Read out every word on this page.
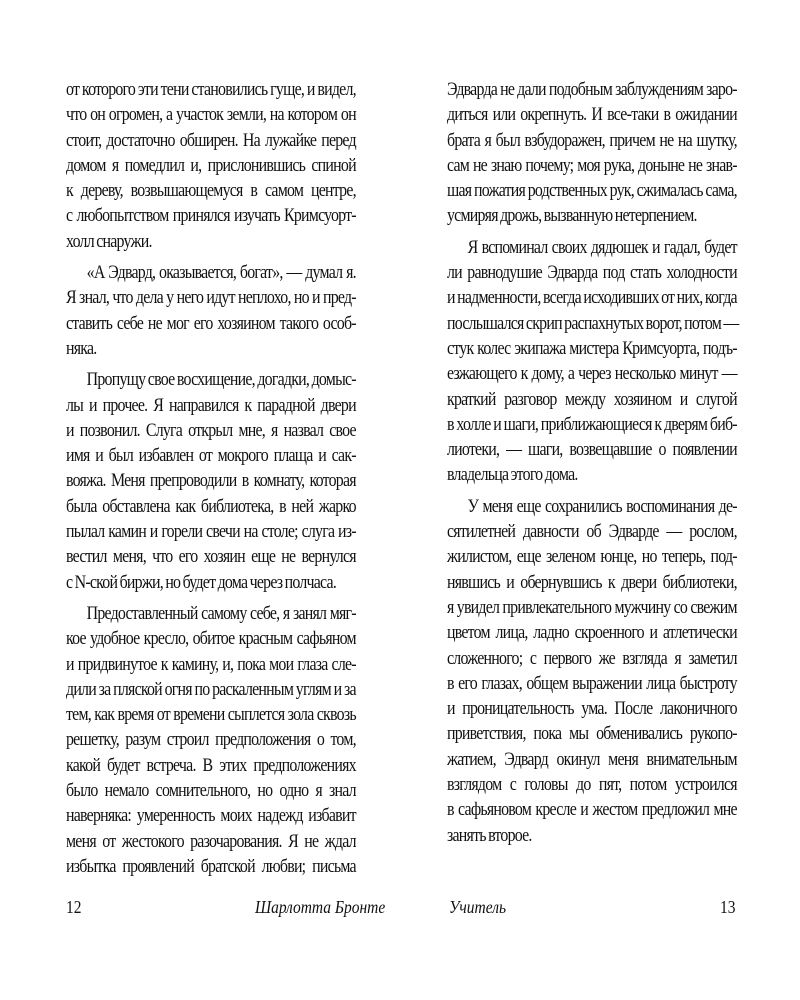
от которого эти тени становились гуще, и видел,
что он огромен, а участок земли, на котором он
стоит, достаточно обширен. На лужайке перед
домом я помедлил и, прислонившись спиной
к дереву, возвышающемуся в самом центре,
с любопытством принялся изучать Кримсуорт-
холл снаружи.
«А Эдвард, оказывается, богат», — думал я.
Я знал, что дела у него идут неплохо, но и пред-
ставить себе не мог его хозяином такого особ-
няка.
Пропущу свое восхищение, догадки, домыс-
лы и прочее. Я направился к парадной двери
и позвонил. Слуга открыл мне, я назвал свое
имя и был избавлен от мокрого плаща и сак-
вояжа. Меня препроводили в комнату, которая
была обставлена как библиотека, в ней жарко
пылал камин и горели свечи на столе; слуга из-
вестил меня, что его хозяин еще не вернулся
с N-ской биржи, но будет дома через полчаса.
Предоставленный самому себе, я занял мяг-
кое удобное кресло, обитое красным сафьяном
и придвинутое к камину, и, пока мои глаза сле-
дили за пляской огня по раскаленным углям и за
тем, как время от времени сыплется зола сквозь
решетку, разум строил предположения о том,
какой будет встреча. В этих предположениях
было немало сомнительного, но одно я знал
наверняка: умеренность моих надежд избавит
меня от жестокого разочарования. Я не ждал
избытка проявлений братской любви; письма
Эдварда не дали подобным заблуждениям заро-
диться или окрепнуть. И все-таки в ожидании
брата я был взбудоражен, причем не на шутку,
сам не знаю почему; моя рука, доныне не знав-
шая пожатия родственных рук, сжималась сама,
усмиряя дрожь, вызванную нетерпением.
Я вспоминал своих дядюшек и гадал, будет
ли равнодушие Эдварда под стать холодности
и надменности, всегда исходивших от них, когда
послышался скрип распахнутых ворот, потом —
стук колес экипажа мистера Кримсуорта, подъ-
езжающего к дому, а через несколько минут —
краткий разговор между хозяином и слугой
в холле и шаги, приближающиеся к дверям биб-
лиотеки, — шаги, возвещавшие о появлении
владельца этого дома.
У меня еще сохранились воспоминания де-
сятилетней давности об Эдварде — рослом,
жилистом, еще зеленом юнце, но теперь, под-
нявшись и обернувшись к двери библиотеки,
я увидел привлекательного мужчину со свежим
цветом лица, ладно скроенного и атлетически
сложенного; с первого же взгляда я заметил
в его глазах, общем выражении лица быстроту
и проницательность ума. После лаконичного
приветствия, пока мы обменивались рукопо-
жатием, Эдвард окинул меня внимательным
взглядом с головы до пят, потом устроился
в сафьяновом кресле и жестом предложил мне
занять второе.
12	Шарлотта Бронте	Учитель	13
